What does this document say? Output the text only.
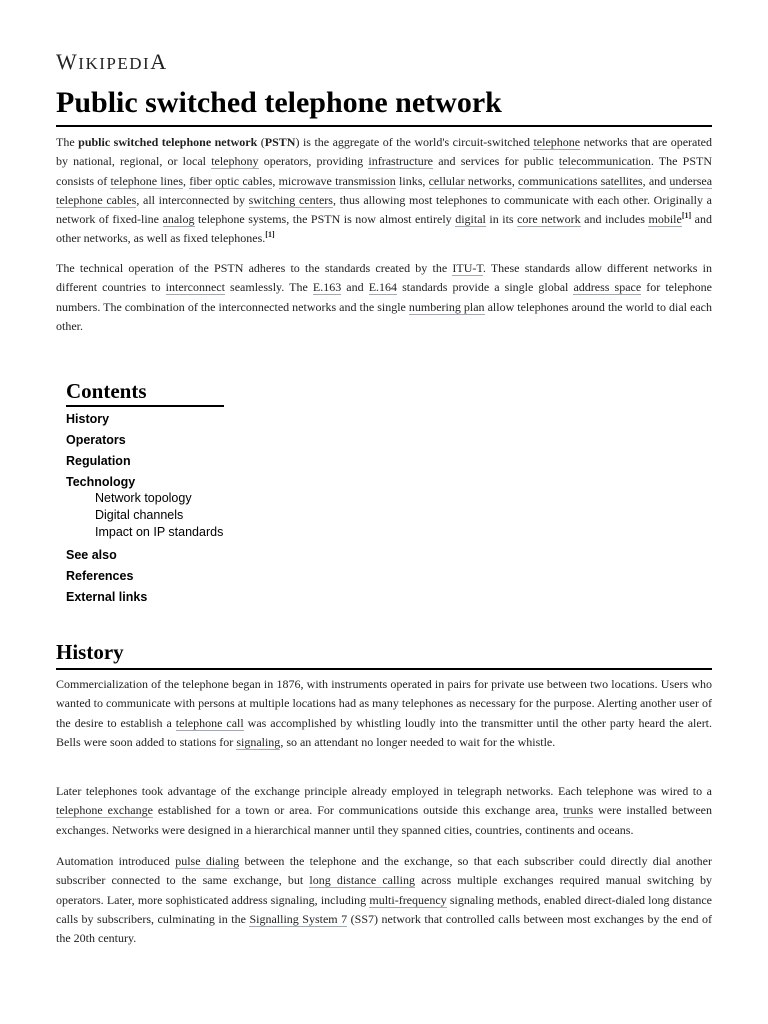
WIKIPEDIA
Public switched telephone network

The public switched telephone network (PSTN) is the aggregate of the world's circuit-switched telephone networks that are operated by national, regional, or local telephony operators, providing infrastructure and services for public telecommunication. The PSTN consists of telephone lines, fiber optic cables, microwave transmission links, cellular networks, communications satellites, and undersea telephone cables, all interconnected by switching centers, thus allowing most telephones to communicate with each other. Originally a network of fixed-line analog telephone systems, the PSTN is now almost entirely digital in its core network and includes mobile[1] and other networks, as well as fixed telephones.[1]

The technical operation of the PSTN adheres to the standards created by the ITU-T. These standards allow different networks in different countries to interconnect seamlessly. The E.163 and E.164 standards provide a single global address space for telephone numbers. The combination of the interconnected networks and the single numbering plan allow telephones around the world to dial each other.

Contents
History
Operators
Regulation
Technology
Network topology
Digital channels
Impact on IP standards
See also
References
External links
History

Commercialization of the telephone began in 1876, with instruments operated in pairs for private use between two locations. Users who wanted to communicate with persons at multiple locations had as many telephones as necessary for the purpose. Alerting another user of the desire to establish a telephone call was accomplished by whistling loudly into the transmitter until the other party heard the alert. Bells were soon added to stations for signaling, so an attendant no longer needed to wait for the whistle.

Later telephones took advantage of the exchange principle already employed in telegraph networks. Each telephone was wired to a telephone exchange established for a town or area. For communications outside this exchange area, trunks were installed between exchanges. Networks were designed in a hierarchical manner until they spanned cities, countries, continents and oceans.

Automation introduced pulse dialing between the telephone and the exchange, so that each subscriber could directly dial another subscriber connected to the same exchange, but long distance calling across multiple exchanges required manual switching by operators. Later, more sophisticated address signaling, including multi-frequency signaling methods, enabled direct-dialed long distance calls by subscribers, culminating in the Signalling System 7 (SS7) network that controlled calls between most exchanges by the end of the 20th century.
